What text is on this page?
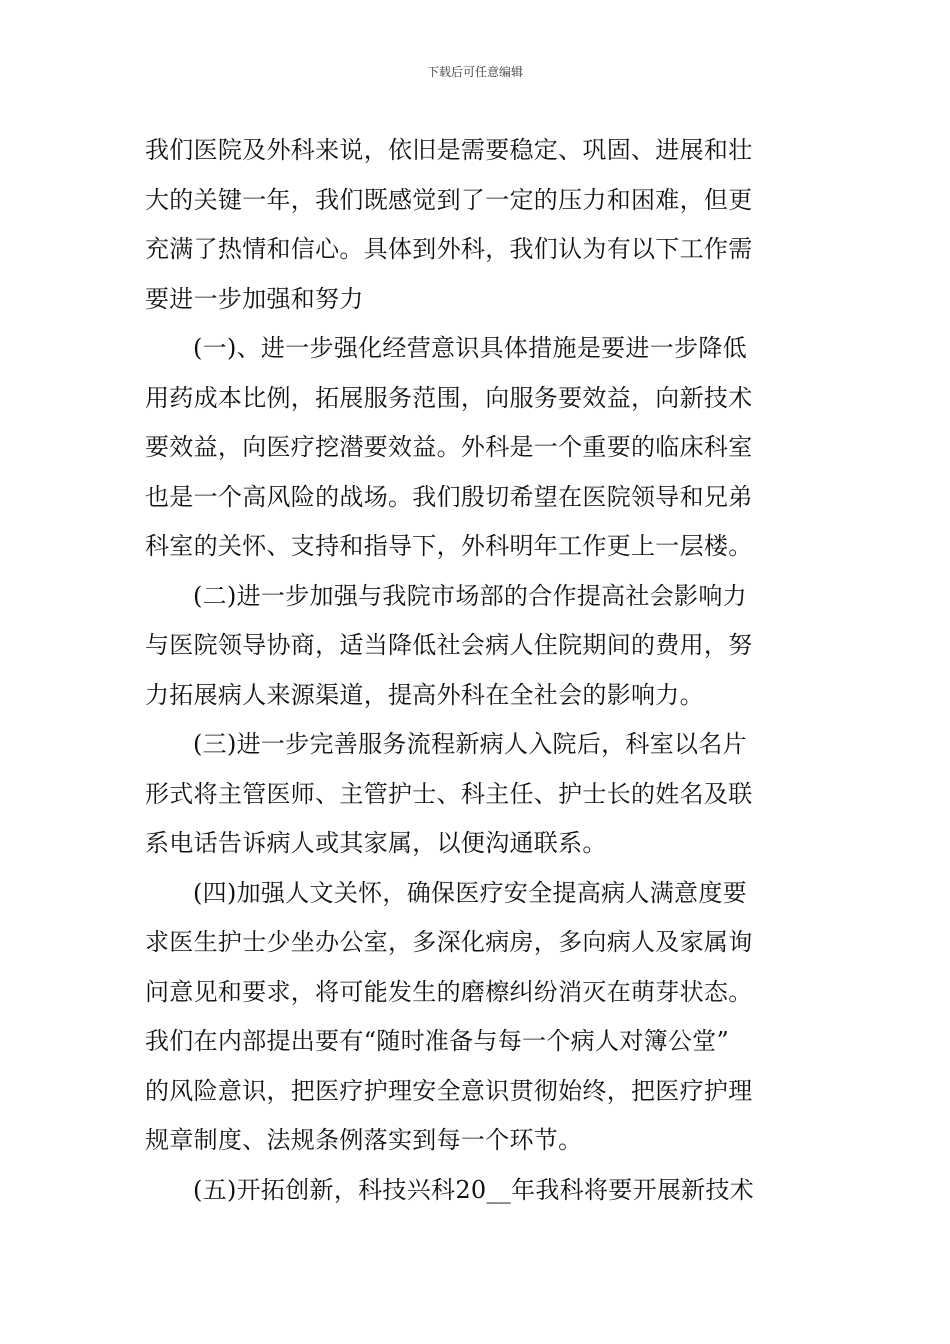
下载后可任意编辑
我们医院及外科来说，依旧是需要稳定、巩固、进展和壮
大的关键一年，我们既感觉到了一定的压力和困难，但更
充满了热情和信心。具体到外科，我们认为有以下工作需
要进一步加强和努力
(一)、进一步强化经营意识具体措施是要进一步降低
用药成本比例，拓展服务范围，向服务要效益，向新技术
要效益，向医疗挖潜要效益。外科是一个重要的临床科室
也是一个高风险的战场。我们殷切希望在医院领导和兄弟
科室的关怀、支持和指导下，外科明年工作更上一层楼。
(二)进一步加强与我院市场部的合作提高社会影响力
与医院领导协商，适当降低社会病人住院期间的费用，努
力拓展病人来源渠道，提高外科在全社会的影响力。
(三)进一步完善服务流程新病人入院后，科室以名片
形式将主管医师、主管护士、科主任、护士长的姓名及联
系电话告诉病人或其家属，以便沟通联系。
(四)加强人文关怀，确保医疗安全提高病人满意度要
求医生护士少坐办公室，多深化病房，多向病人及家属询
问意见和要求，将可能发生的磨檫纠纷消灭在萌芽状态。
我们在内部提出要有“随时准备与每一个病人对簿公堂”
的风险意识，把医疗护理安全意识贯彻始终，把医疗护理
规章制度、法规条例落实到每一个环节。
(五)开拓创新，科技兴科20__年我科将要开展新技术
